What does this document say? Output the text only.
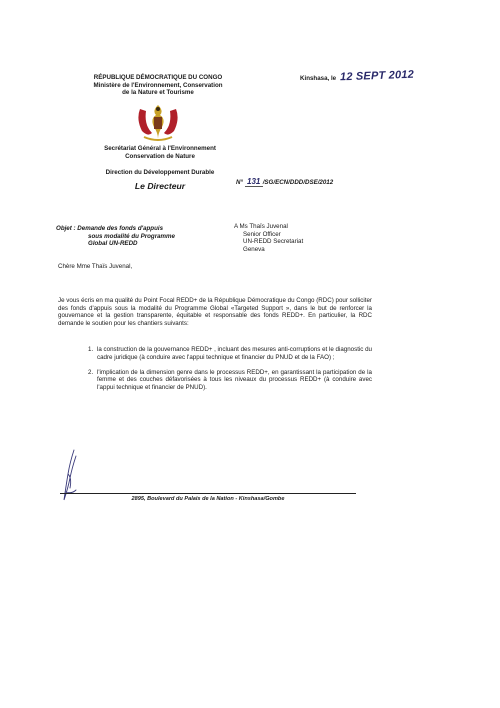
RÉPUBLIQUE DÉMOCRATIQUE DU CONGO
Ministère de l'Environnement, Conservation
de la Nature et Tourisme
Secrétariat Général à l'Environnement
Conservation de Nature
Direction du Développement Durable
Le Directeur
Kinshasa, le 12 SEPT 2012
N° 131 /SG/ECN/DDD/DSE/2012
Objet : Demande des fonds d'appuis
sous modalité du Programme
Global UN-REDD
A Ms Thaïs Juvenal
Senior Officer
UN-REDD Secretariat
Geneva
Chère Mme Thaïs Juvenal,
Je vous écris en ma qualité du Point Focal REDD+ de la République Démocratique du Congo (RDC) pour solliciter des fonds d'appuis sous la modalité du Programme Global «Targeted Support », dans le but de renforcer la gouvernance et la gestion transparente, équitable et responsable des fonds REDD+. En particulier, la RDC demande le soutien pour les chantiers suivants:
1. la construction de la gouvernance REDD+ , incluant des mesures anti-corruptions et le diagnostic du cadre juridique (à conduire avec l'appui technique et financier du PNUD et de la FAO) ;
2. l'implication de la dimension genre dans le processus REDD+, en garantissant la participation de la femme et des couches défavorisées à tous les niveaux du processus REDD+ (à conduire avec l'appui technique et financier de PNUD).
2895, Boulevard du Palais de la Nation - Kinshasa/Gombe
